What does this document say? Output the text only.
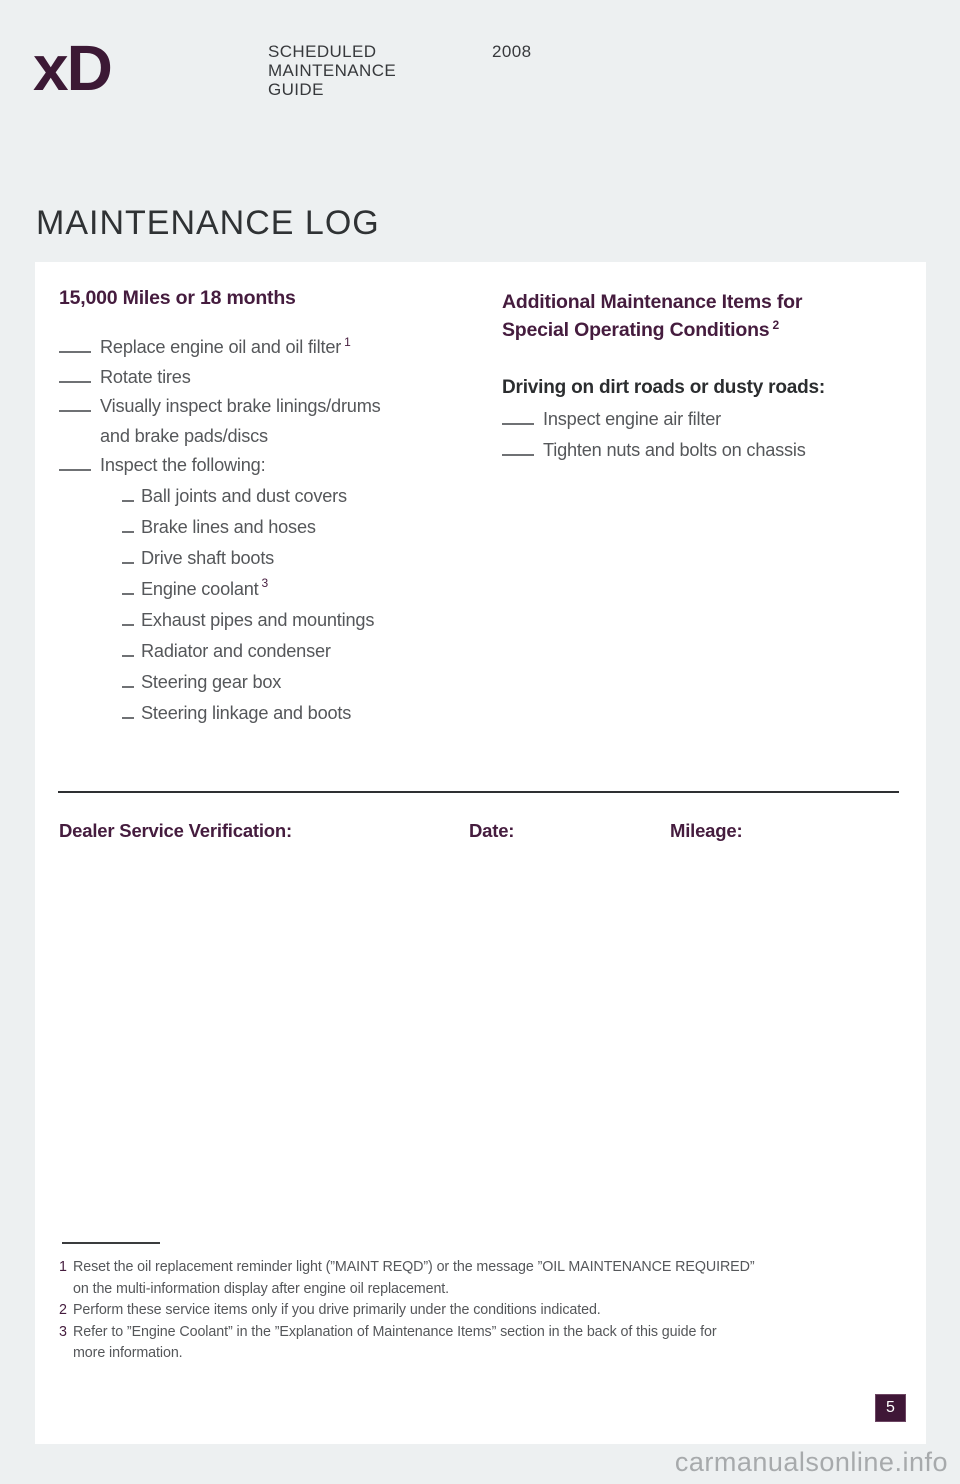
xD	SCHEDULED
MAINTENANCE
GUIDE
2008
MAINTENANCE LOG
15,000 Miles or 18 months
Replace engine oil and oil filter $^1$
Rotate tires
Visually inspect brake linings/drums
and brake pads/discs
Inspect the following:
Ball joints and dust covers
Brake lines and hoses
Drive shaft boots
Engine coolant $^3$
Exhaust pipes and mountings
Radiator and condenser
Steering gear box
Steering linkage and boots
Additional Maintenance Items for
Special Operating Conditions $^2$
Driving on dirt roads or dusty roads:
Inspect engine air filter
Tighten nuts and bolts on chassis
Dealer Service Verification:	Date:	Mileage:
1 Reset the oil replacement reminder light (”MAINT REQD”) or the message ”OIL MAINTENANCE REQUIRED”
on the multi-information display after engine oil replacement.
2 Perform these service items only if you drive primarily under the conditions indicated.
3 Refer to ”Engine Coolant” in the ”Explanation of Maintenance Items” section in the back of this guide for
more information.
5
carmanualsonline.info
